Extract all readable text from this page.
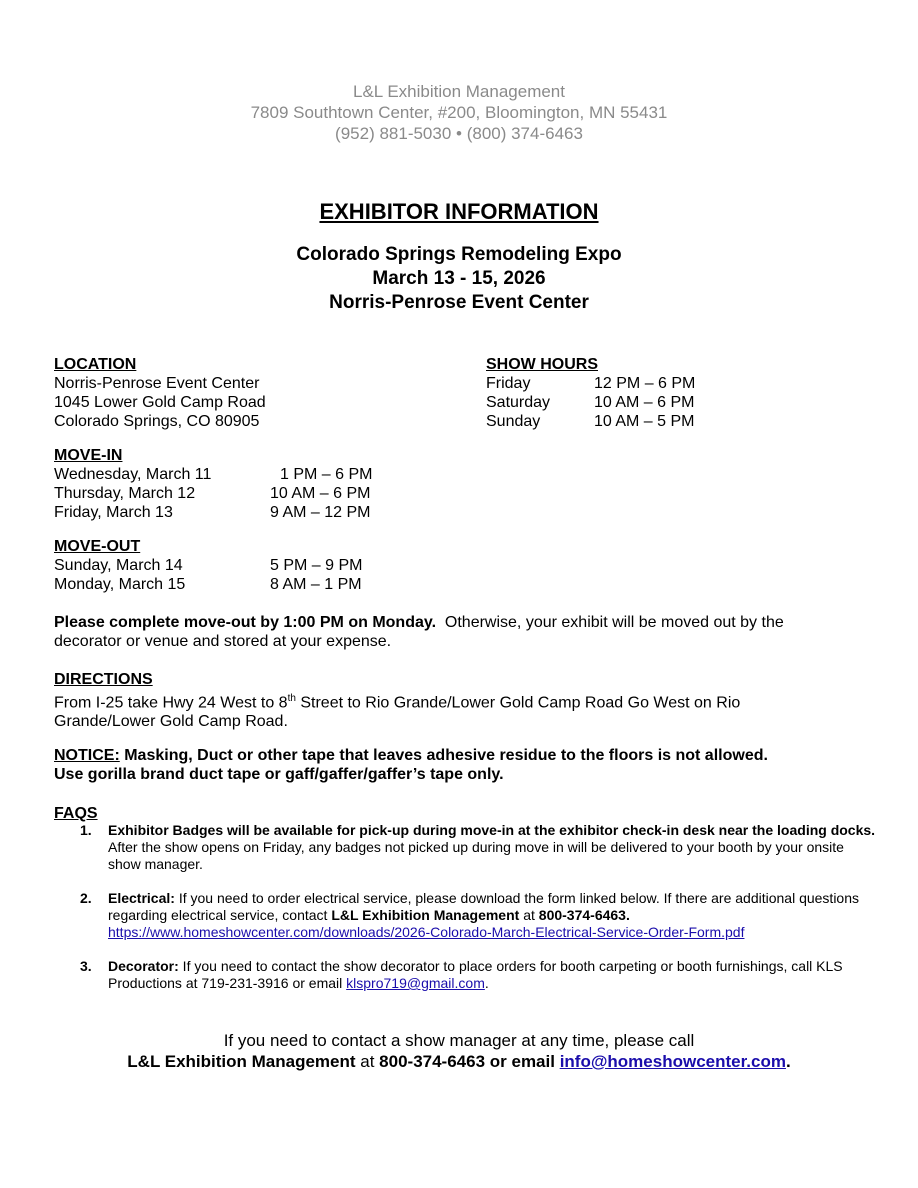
L&L Exhibition Management
7809 Southtown Center, #200, Bloomington, MN 55431
(952) 881-5030 • (800) 374-6463
EXHIBITOR INFORMATION
Colorado Springs Remodeling Expo
March 13 - 15, 2026
Norris-Penrose Event Center
LOCATION
Norris-Penrose Event Center
1045 Lower Gold Camp Road
Colorado Springs, CO 80905
SHOW HOURS
Friday	12 PM – 6 PM
Saturday	10 AM – 6 PM
Sunday	10 AM – 5 PM
MOVE-IN
Wednesday, March 11	1 PM – 6 PM
Thursday, March 12	10 AM – 6 PM
Friday, March 13	9 AM – 12 PM
MOVE-OUT
Sunday, March 14	5 PM – 9 PM
Monday, March 15	8 AM – 1 PM
Please complete move-out by 1:00 PM on Monday. Otherwise, your exhibit will be moved out by the decorator or venue and stored at your expense.
DIRECTIONS
From I-25 take Hwy 24 West to 8th Street to Rio Grande/Lower Gold Camp Road Go West on Rio Grande/Lower Gold Camp Road.
NOTICE: Masking, Duct or other tape that leaves adhesive residue to the floors is not allowed.
Use gorilla brand duct tape or gaff/gaffer/gaffer’s tape only.
FAQS
1.	Exhibitor Badges will be available for pick-up during move-in at the exhibitor check-in desk near the loading docks. After the show opens on Friday, any badges not picked up during move in will be delivered to your booth by your onsite show manager.
2.	Electrical: If you need to order electrical service, please download the form linked below. If there are additional questions regarding electrical service, contact L&L Exhibition Management at 800-374-6463.
https://www.homeshowcenter.com/downloads/2026-Colorado-March-Electrical-Service-Order-Form.pdf
3.	Decorator: If you need to contact the show decorator to place orders for booth carpeting or booth furnishings, call KLS Productions at 719-231-3916 or email klspro719@gmail.com.
If you need to contact a show manager at any time, please call
L&L Exhibition Management at 800-374-6463 or email info@homeshowcenter.com.
